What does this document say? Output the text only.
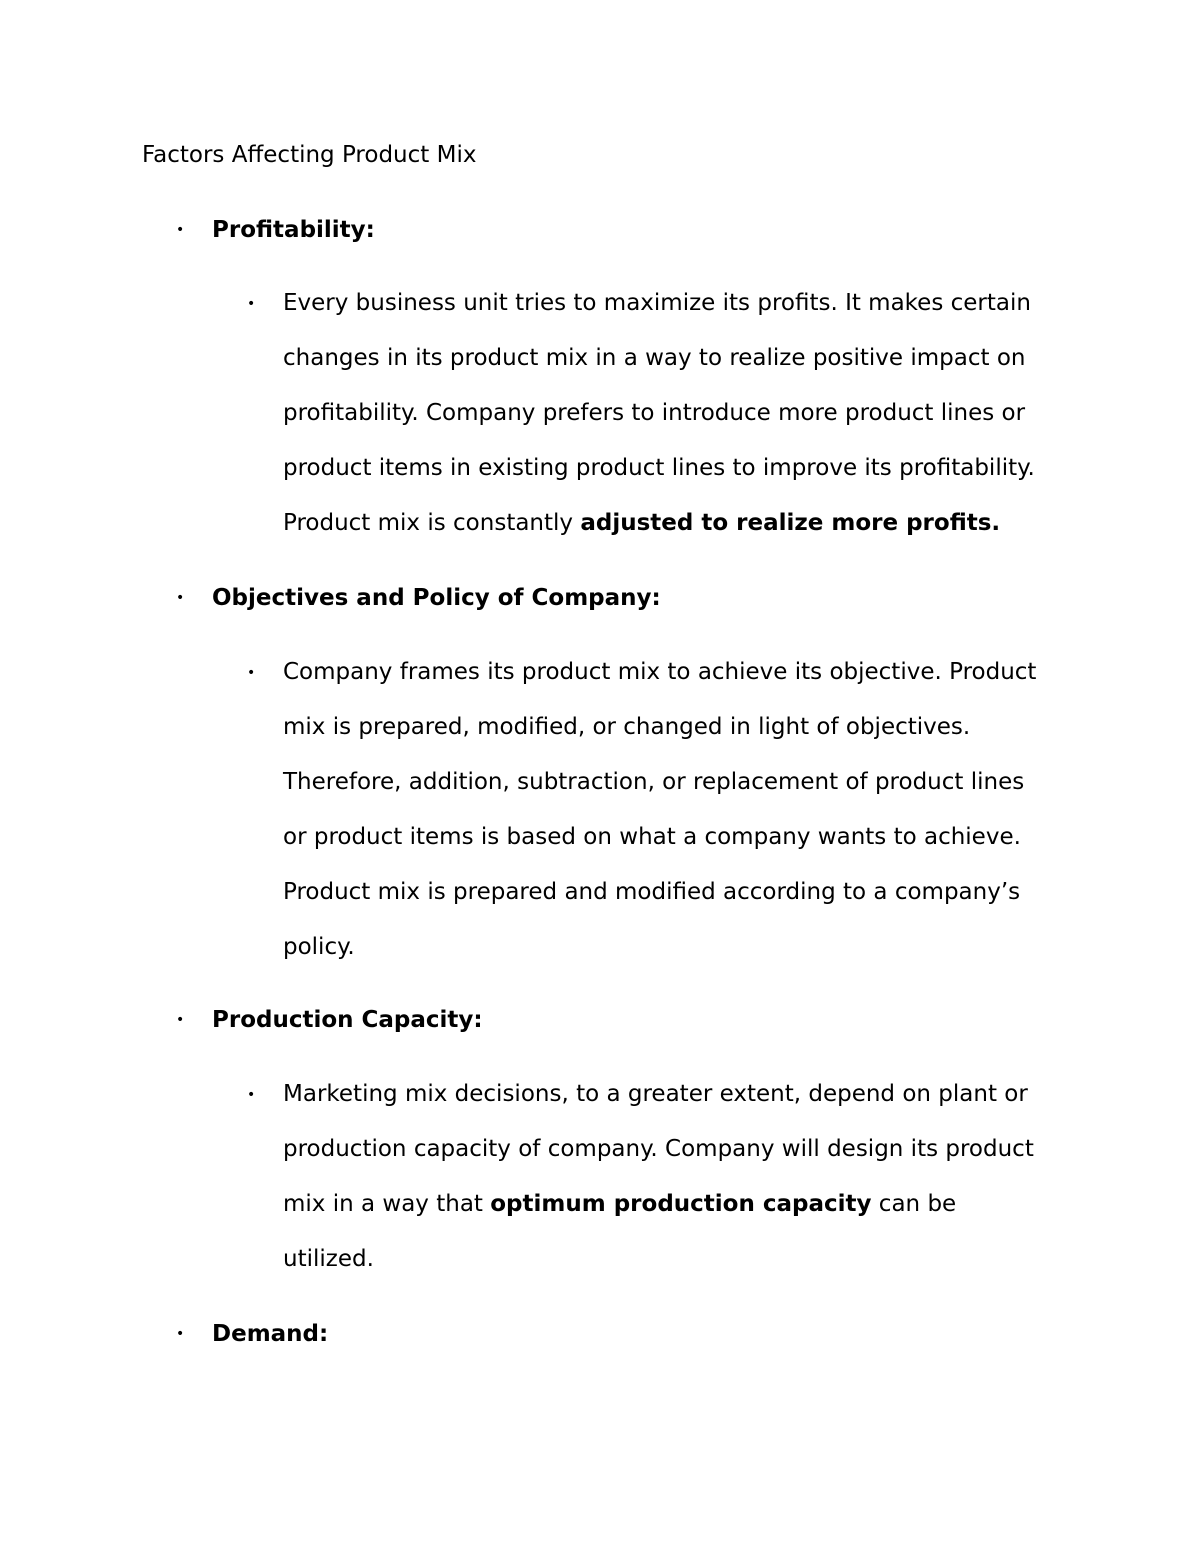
Factors Affecting Product Mix
• Profitability:
• Every business unit tries to maximize its profits. It makes certain
changes in its product mix in a way to realize positive impact on
profitability. Company prefers to introduce more product lines or
product items in existing product lines to improve its profitability.
Product mix is constantly adjusted to realize more profits.
• Objectives and Policy of Company:
• Company frames its product mix to achieve its objective. Product
mix is prepared, modified, or changed in light of objectives.
Therefore, addition, subtraction, or replacement of product lines
or product items is based on what a company wants to achieve.
Product mix is prepared and modified according to a company’s
policy.
• Production Capacity:
• Marketing mix decisions, to a greater extent, depend on plant or
production capacity of company. Company will design its product
mix in a way that optimum production capacity can be
utilized.
• Demand:
